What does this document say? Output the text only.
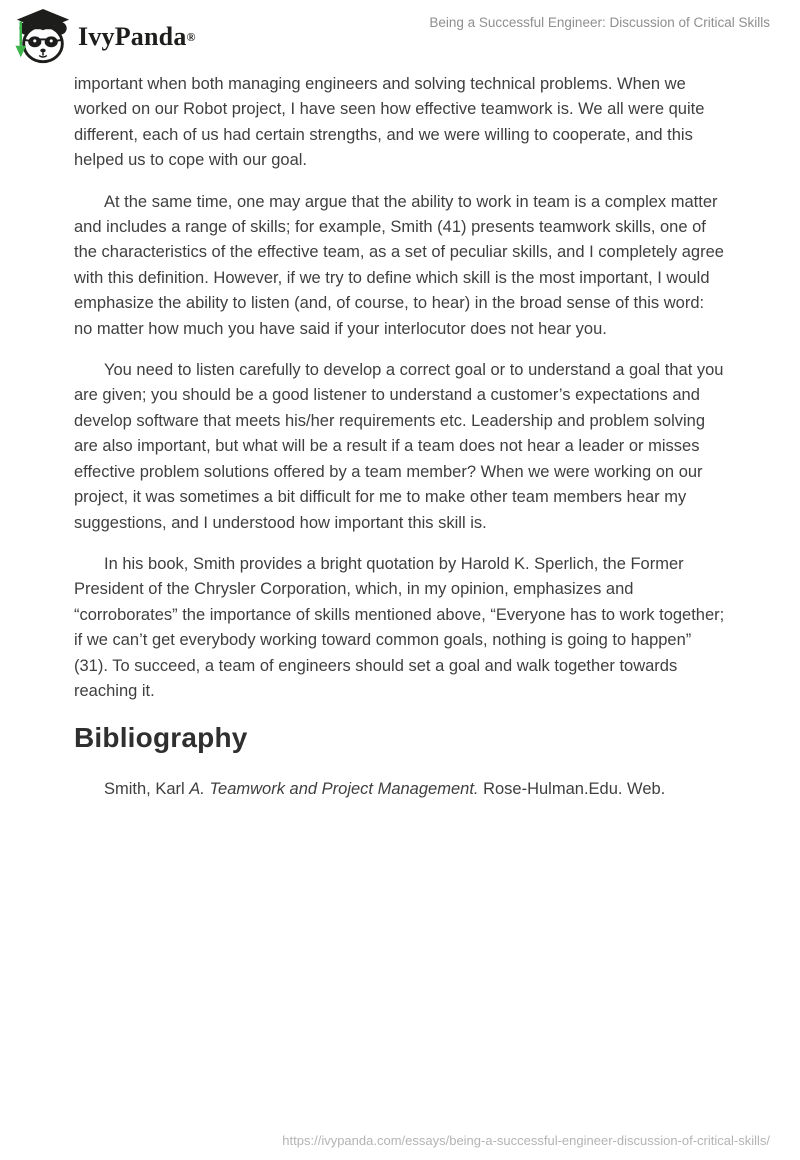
IvyPanda ®
Being a Successful Engineer: Discussion of Critical Skills

important when both managing engineers and solving technical problems. When we worked on our Robot project, I have seen how effective teamwork is. We all were quite different, each of us had certain strengths, and we were willing to cooperate, and this helped us to cope with our goal.

At the same time, one may argue that the ability to work in team is a complex matter and includes a range of skills; for example, Smith (41) presents teamwork skills, one of the characteristics of the effective team, as a set of peculiar skills, and I completely agree with this definition. However, if we try to define which skill is the most important, I would emphasize the ability to listen (and, of course, to hear) in the broad sense of this word: no matter how much you have said if your interlocutor does not hear you.

You need to listen carefully to develop a correct goal or to understand a goal that you are given; you should be a good listener to understand a customer’s expectations and develop software that meets his/her requirements etc. Leadership and problem solving are also important, but what will be a result if a team does not hear a leader or misses effective problem solutions offered by a team member? When we were working on our project, it was sometimes a bit difficult for me to make other team members hear my suggestions, and I understood how important this skill is.

In his book, Smith provides a bright quotation by Harold K. Sperlich, the Former President of the Chrysler Corporation, which, in my opinion, emphasizes and “corroborates” the importance of skills mentioned above, “Everyone has to work together; if we can’t get everybody working toward common goals, nothing is going to happen” (31). To succeed, a team of engineers should set a goal and walk together towards reaching it.

Bibliography

Smith, Karl A. Teamwork and Project Management. Rose-Hulman.Edu. Web.

https://ivypanda.com/essays/being-a-successful-engineer-discussion-of-critical-skills/
